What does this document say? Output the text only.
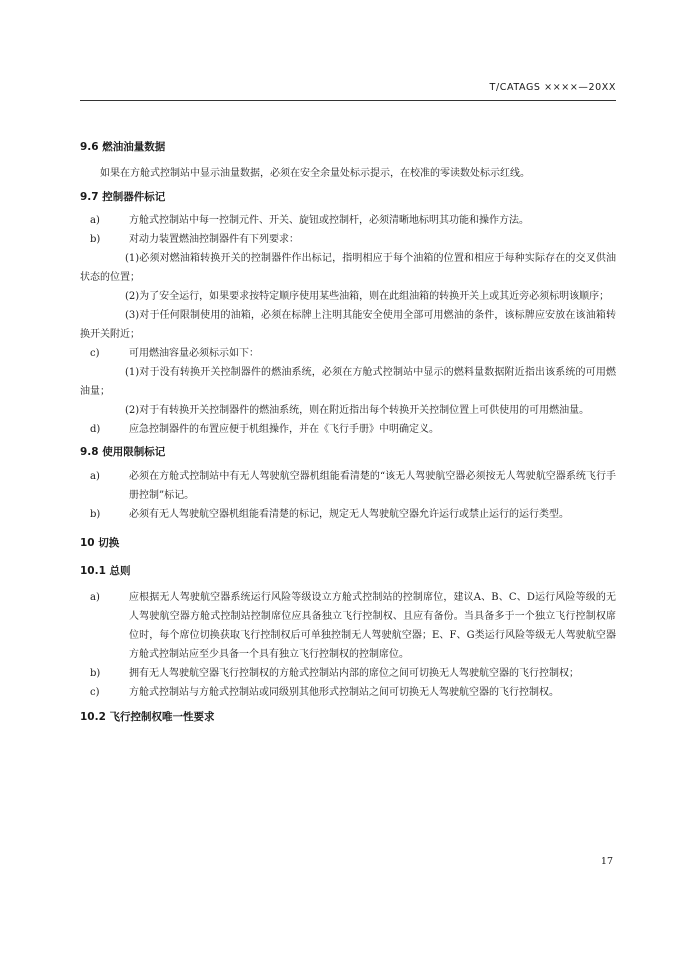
T/CATAGS ××××—20XX

9.6 燃油油量数据

如果在方舱式控制站中显示油量数据，必须在安全余量处标示提示，在校准的零读数处标示红线。

9.7 控制器件标记

a)	方舱式控制站中每一控制元件、开关、旋钮或控制杆，必须清晰地标明其功能和操作方法。
b)	对动力装置燃油控制器件有下列要求：

(1)必须对燃油箱转换开关的控制器件作出标记，指明相应于每个油箱的位置和相应于每种实际存在的交叉供油状态的位置；

(2)为了安全运行，如果要求按特定顺序使用某些油箱，则在此组油箱的转换开关上或其近旁必须标明该顺序；

(3)对于任何限制使用的油箱，必须在标牌上注明其能安全使用全部可用燃油的条件，该标牌应安放在该油箱转换开关附近；

c)	可用燃油容量必须标示如下：

(1)对于没有转换开关控制器件的燃油系统，必须在方舱式控制站中显示的燃料量数据附近指出该系统的可用燃油量；

(2)对于有转换开关控制器件的燃油系统，则在附近指出每个转换开关控制位置上可供使用的可用燃油量。

d)	应急控制器件的布置应便于机组操作，并在《飞行手册》中明确定义。

9.8 使用限制标记

a)	必须在方舱式控制站中有无人驾驶航空器机组能看清楚的“该无人驾驶航空器必须按无人驾驶航空器系统飞行手册控制”标记。
b)	必须有无人驾驶航空器机组能看清楚的标记，规定无人驾驶航空器允许运行或禁止运行的运行类型。

10 切换

10.1 总则

a)	应根据无人驾驶航空器系统运行风险等级设立方舱式控制站的控制席位，建议A、B、C、D运行风险等级的无人驾驶航空器方舱式控制站控制席位应具备独立飞行控制权、且应有备份。当具备多于一个独立飞行控制权席位时，每个席位切换获取飞行控制权后可单独控制无人驾驶航空器；E、F、G类运行风险等级无人驾驶航空器方舱式控制站应至少具备一个具有独立飞行控制权的控制席位。
b)	拥有无人驾驶航空器飞行控制权的方舱式控制站内部的席位之间可切换无人驾驶航空器的飞行控制权；
c)	方舱式控制站与方舱式控制站或同级别其他形式控制站之间可切换无人驾驶航空器的飞行控制权。

10.2 飞行控制权唯一性要求

17
